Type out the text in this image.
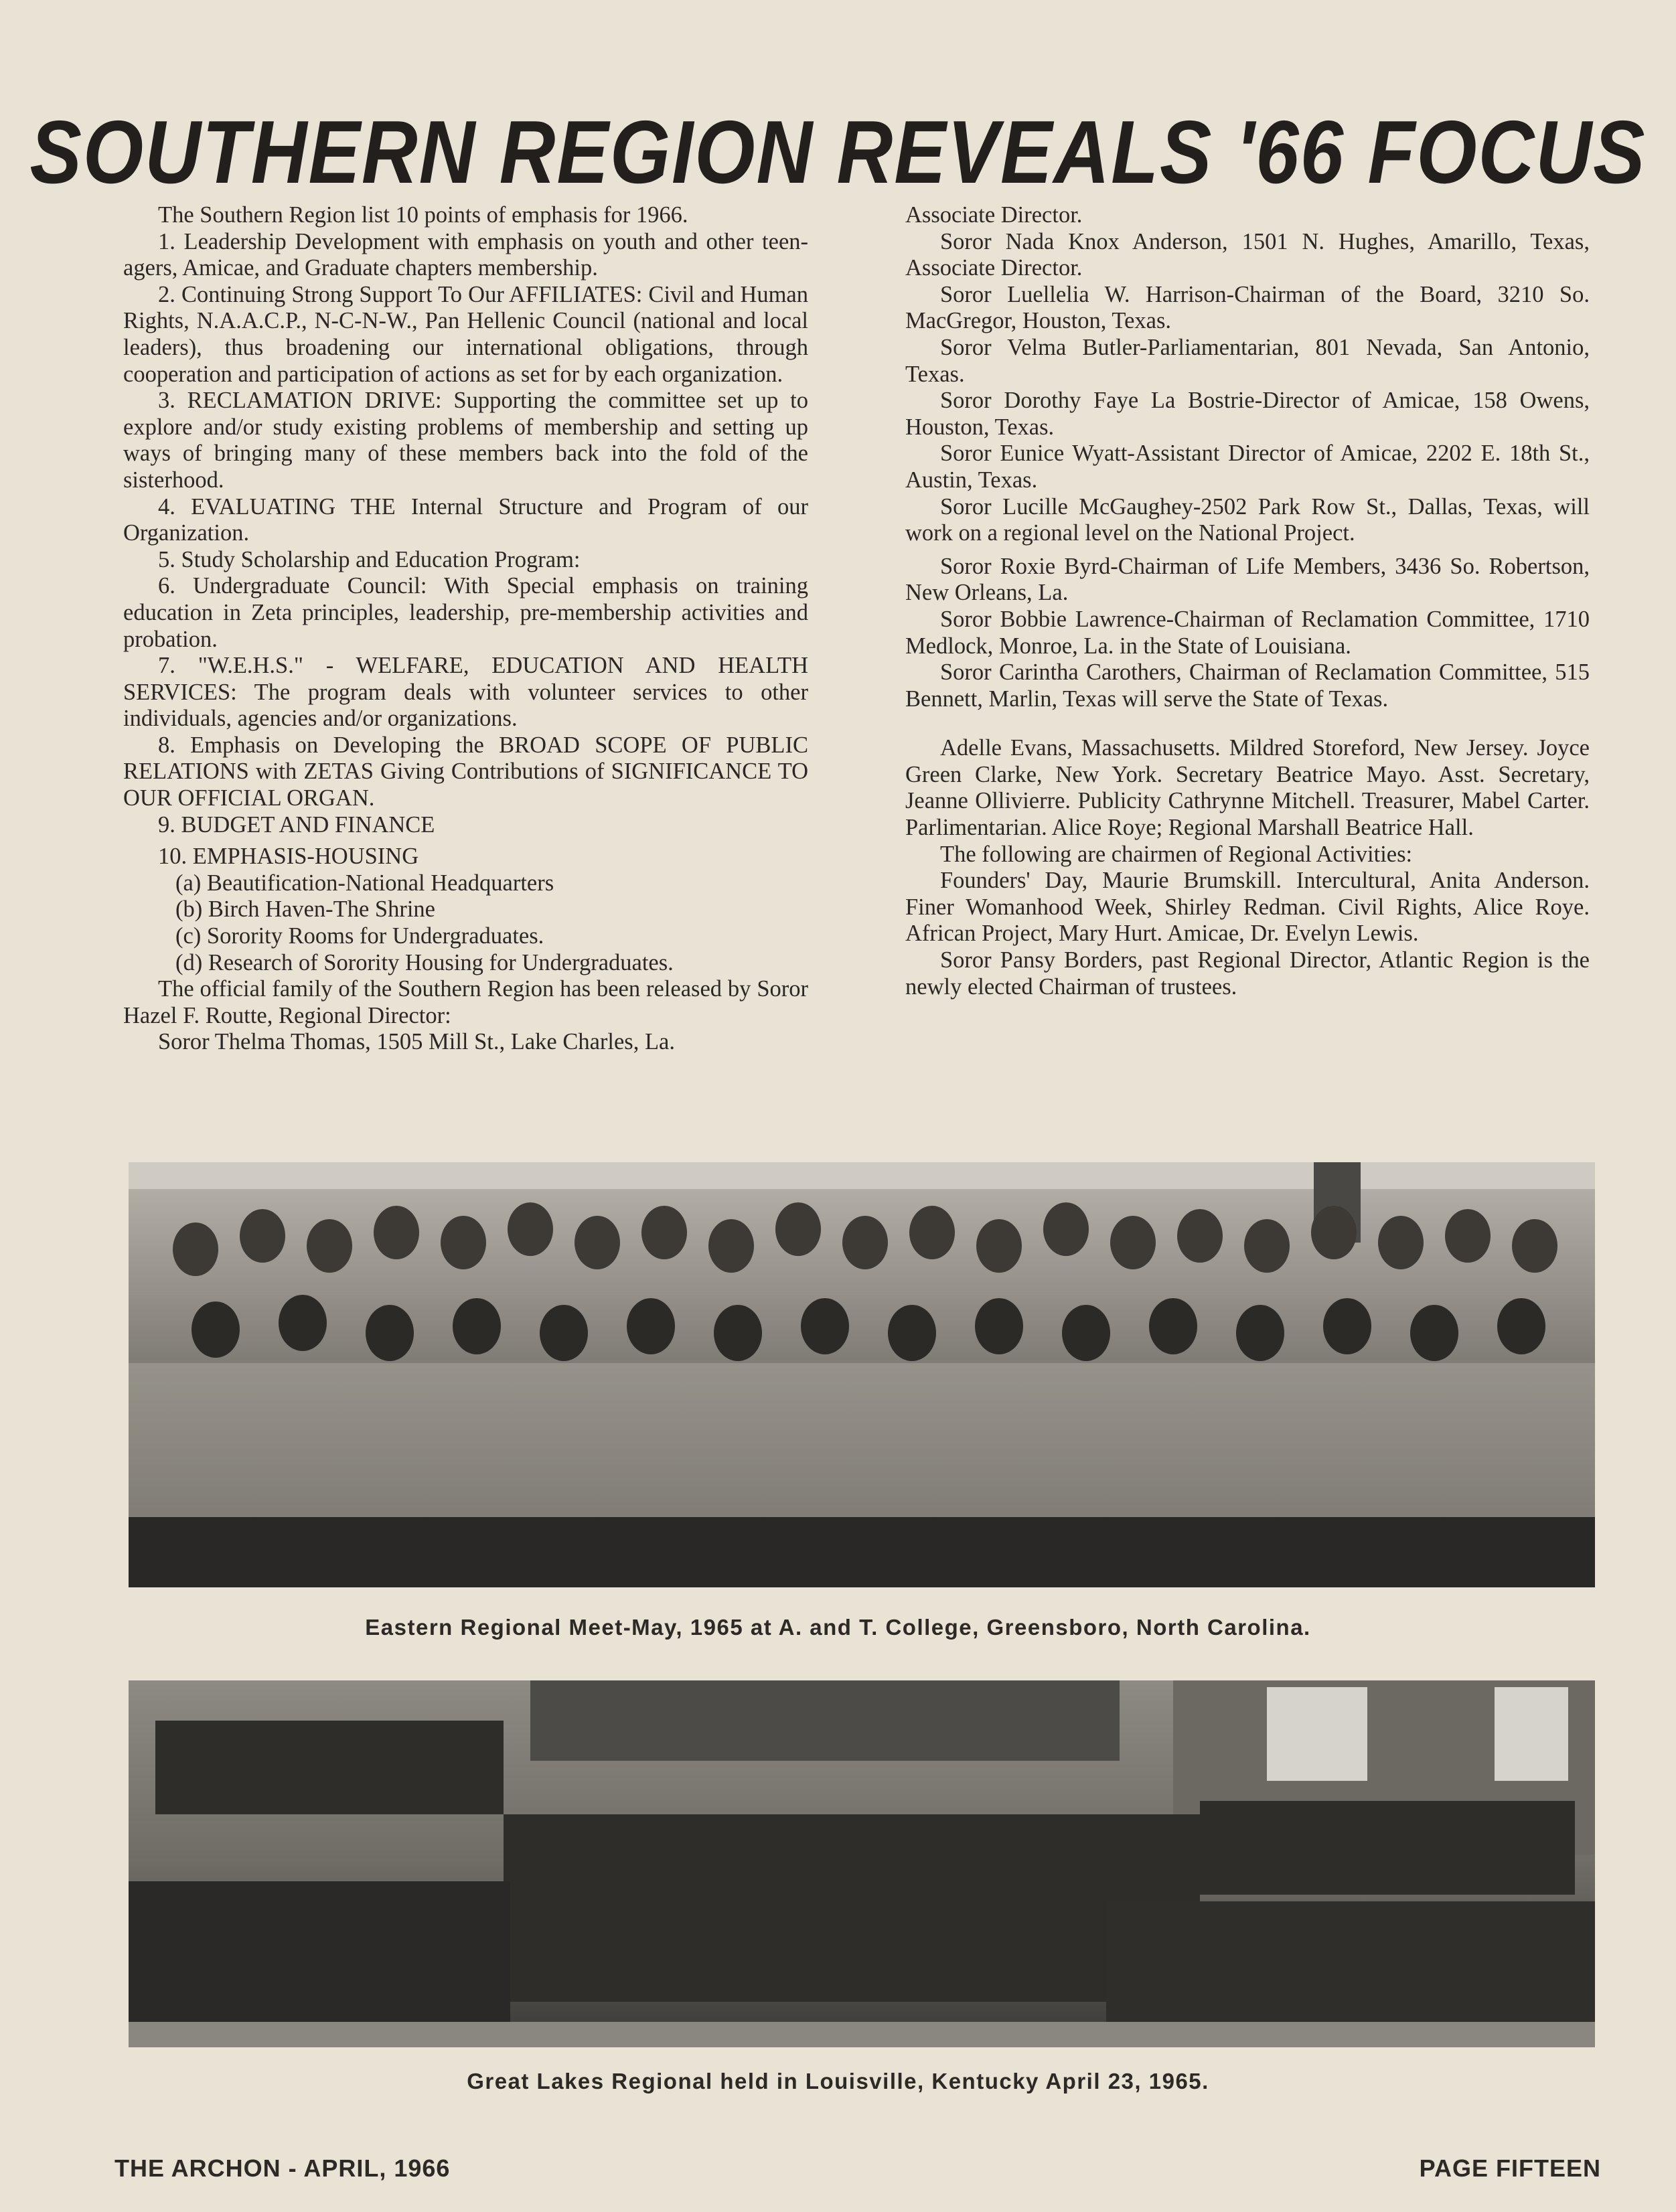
SOUTHERN REGION REVEALS '66 FOCUS

The Southern Region list 10 points of emphasis for 1966.

1. Leadership Development with emphasis on youth and other teen-agers, Amicae, and Graduate chapters membership.

2. Continuing Strong Support To Our AFFILIATES: Civil and Human Rights, N.A.A.C.P., N-C-N-W., Pan Hellenic Council (national and local leaders), thus broadening our international obligations, through cooperation and participation of actions as set for by each organization.

3. RECLAMATION DRIVE: Supporting the committee set up to explore and/or study existing problems of membership and setting up ways of bringing many of these members back into the fold of the sisterhood.

4. EVALUATING THE Internal Structure and Program of our Organization.

5. Study Scholarship and Education Program:

6. Undergraduate Council: With Special emphasis on training education in Zeta principles, leadership, pre-membership activities and probation.

7. "W.E.H.S." - WELFARE, EDUCATION AND HEALTH SERVICES: The program deals with volunteer services to other individuals, agencies and/or organizations.

8. Emphasis on Developing the BROAD SCOPE OF PUBLIC RELATIONS with ZETAS Giving Contributions of SIGNIFICANCE TO OUR OFFICIAL ORGAN.

9. BUDGET AND FINANCE

10. EMPHASIS-HOUSING

(a) Beautification-National Headquarters

(b) Birch Haven-The Shrine

(c) Sorority Rooms for Undergraduates.

(d) Research of Sorority Housing for Undergraduates.

The official family of the Southern Region has been released by Soror Hazel F. Routte, Regional Director:

Soror Thelma Thomas, 1505 Mill St., Lake Charles, La.

Associate Director.

Soror Nada Knox Anderson, 1501 N. Hughes, Amarillo, Texas, Associate Director.

Soror Luellelia W. Harrison-Chairman of the Board, 3210 So. MacGregor, Houston, Texas.

Soror Velma Butler-Parliamentarian, 801 Nevada, San Antonio, Texas.

Soror Dorothy Faye La Bostrie-Director of Amicae, 158 Owens, Houston, Texas.

Soror Eunice Wyatt-Assistant Director of Amicae, 2202 E. 18th St., Austin, Texas.

Soror Lucille McGaughey-2502 Park Row St., Dallas, Texas, will work on a regional level on the National Project.

Soror Roxie Byrd-Chairman of Life Members, 3436 So. Robertson, New Orleans, La.

Soror Bobbie Lawrence-Chairman of Reclamation Committee, 1710 Medlock, Monroe, La. in the State of Louisiana.

Soror Carintha Carothers, Chairman of Reclamation Committee, 515 Bennett, Marlin, Texas will serve the State of Texas.

Adelle Evans, Massachusetts. Mildred Storeford, New Jersey. Joyce Green Clarke, New York. Secretary Beatrice Mayo. Asst. Secretary, Jeanne Ollivierre. Publicity Cathrynne Mitchell. Treasurer, Mabel Carter. Parlimentarian. Alice Roye; Regional Marshall Beatrice Hall.

The following are chairmen of Regional Activities:

Founders' Day, Maurie Brumskill. Intercultural, Anita Anderson. Finer Womanhood Week, Shirley Redman. Civil Rights, Alice Roye. African Project, Mary Hurt. Amicae, Dr. Evelyn Lewis.

Soror Pansy Borders, past Regional Director, Atlantic Region is the newly elected Chairman of trustees.

Eastern Regional Meet-May, 1965 at A. and T. College, Greensboro, North Carolina.
Great Lakes Regional held in Louisville, Kentucky April 23, 1965.
THE ARCHON - APRIL, 1966	PAGE FIFTEEN
